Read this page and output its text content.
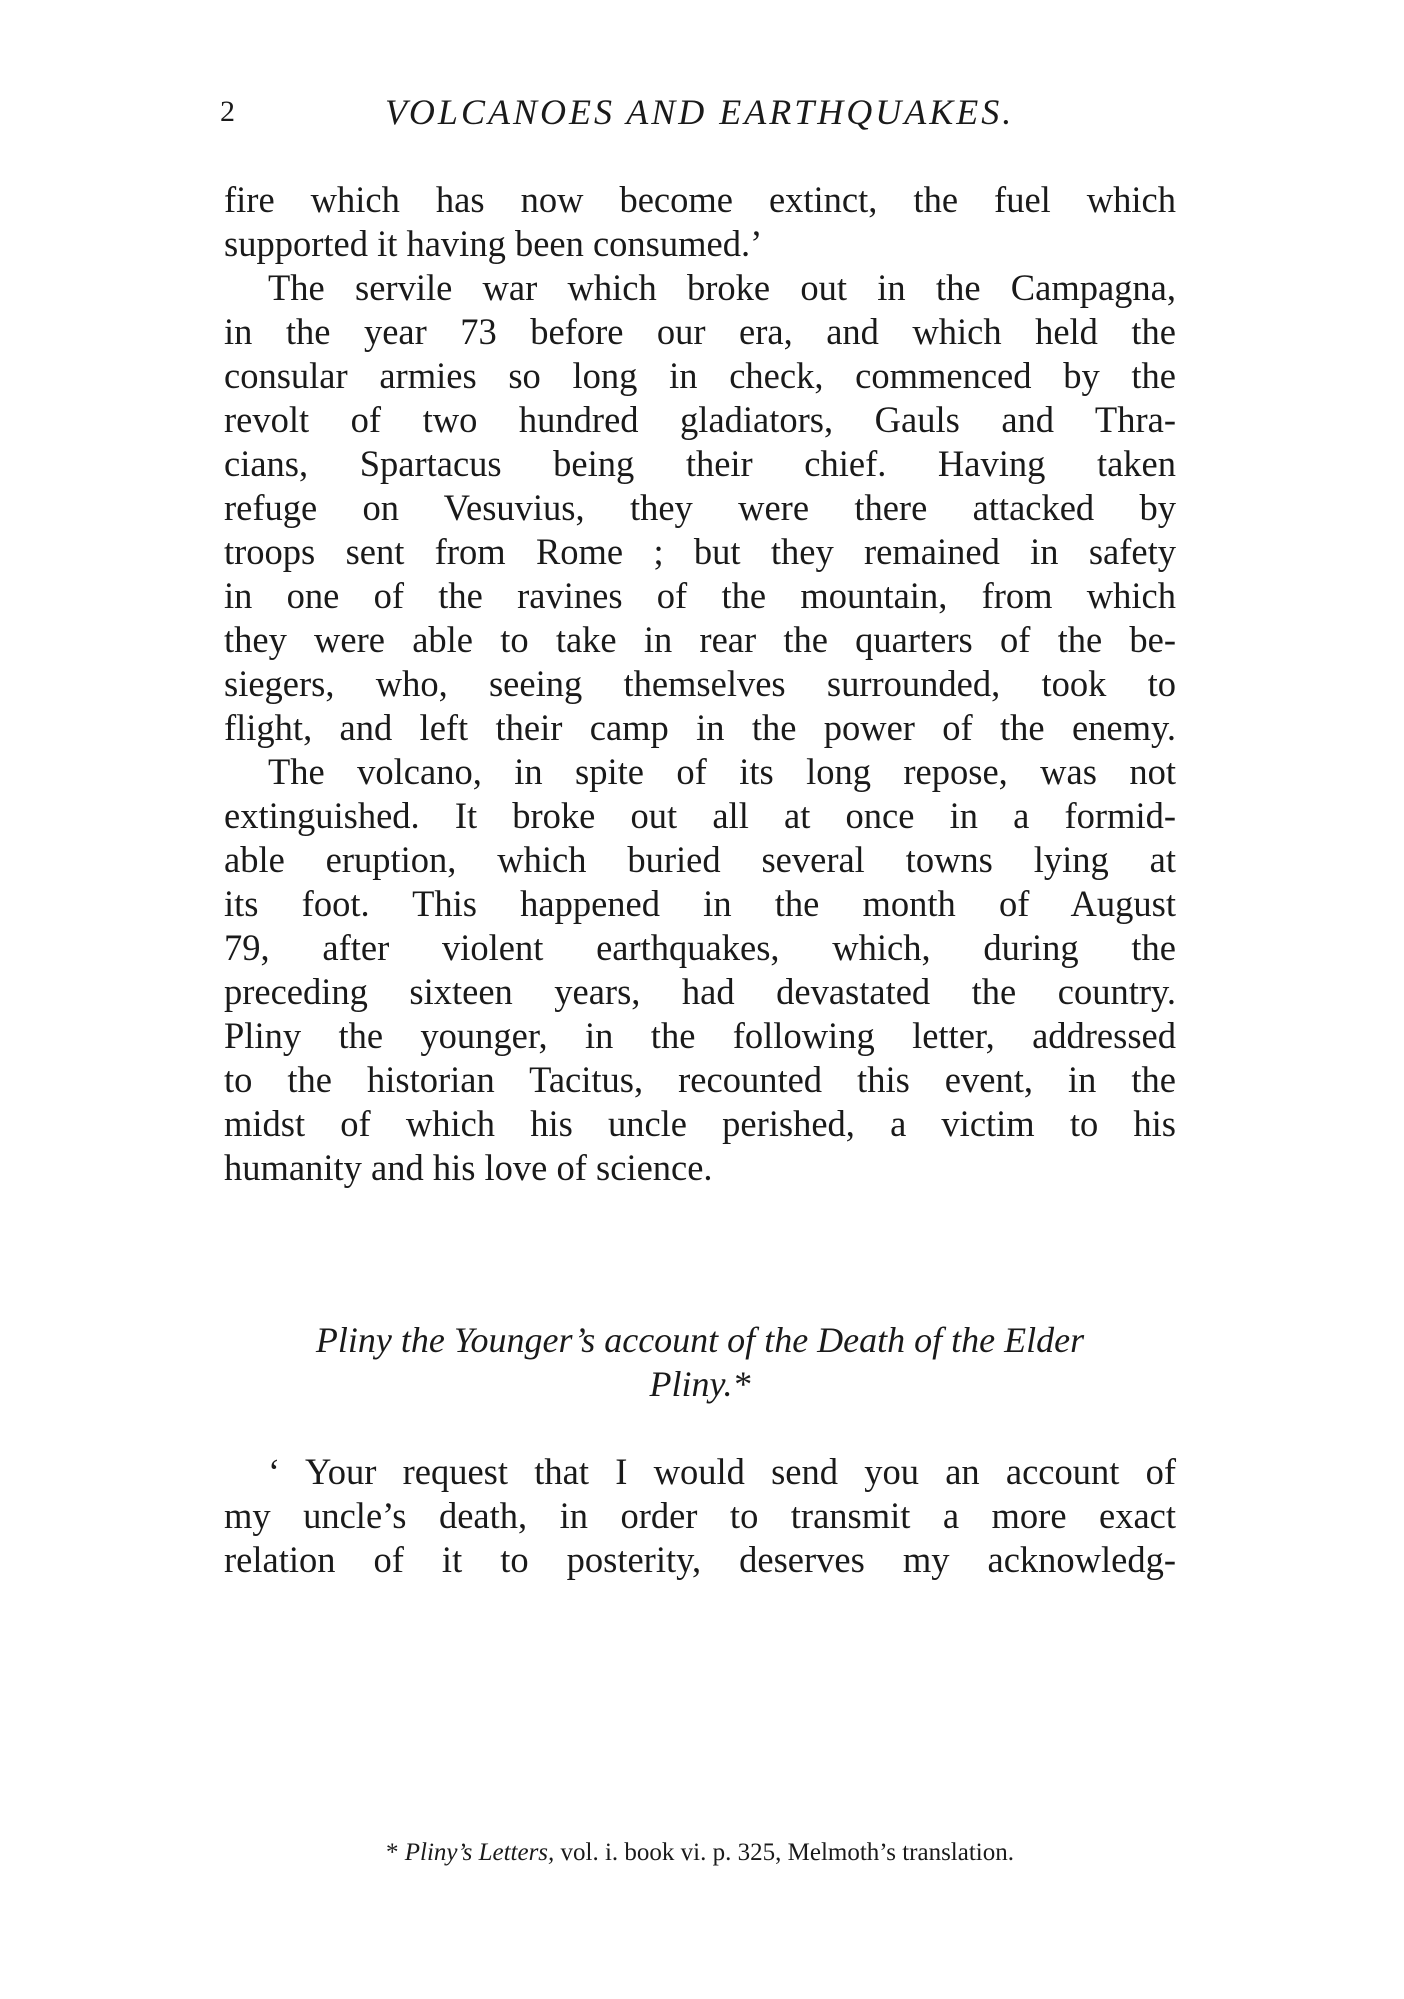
2	VOLCANOES AND EARTHQUAKES.
fire which has now become extinct, the fuel which
supported it having been consumed.’
The servile war which broke out in the Campagna,
in the year 73 before our era, and which held the
consular armies so long in check, commenced by the
revolt of two hundred gladiators, Gauls and Thra-
cians, Spartacus being their chief. Having taken
refuge on Vesuvius, they were there attacked by
troops sent from Rome ; but they remained in safety
in one of the ravines of the mountain, from which
they were able to take in rear the quarters of the be-
siegers, who, seeing themselves surrounded, took to
flight, and left their camp in the power of the enemy.
The volcano, in spite of its long repose, was not
extinguished. It broke out all at once in a formid-
able eruption, which buried several towns lying at
its foot. This happened in the month of August
79, after violent earthquakes, which, during the
preceding sixteen years, had devastated the country.
Pliny the younger, in the following letter, addressed
to the historian Tacitus, recounted this event, in the
midst of which his uncle perished, a victim to his
humanity and his love of science.
Pliny the Younger’s account of the Death of the Elder
Pliny.*
‘ Your request that I would send you an account of
my uncle’s death, in order to transmit a more exact
relation of it to posterity, deserves my acknowledg-
* Pliny’s Letters, vol. i. book vi. p. 325, Melmoth’s translation.
